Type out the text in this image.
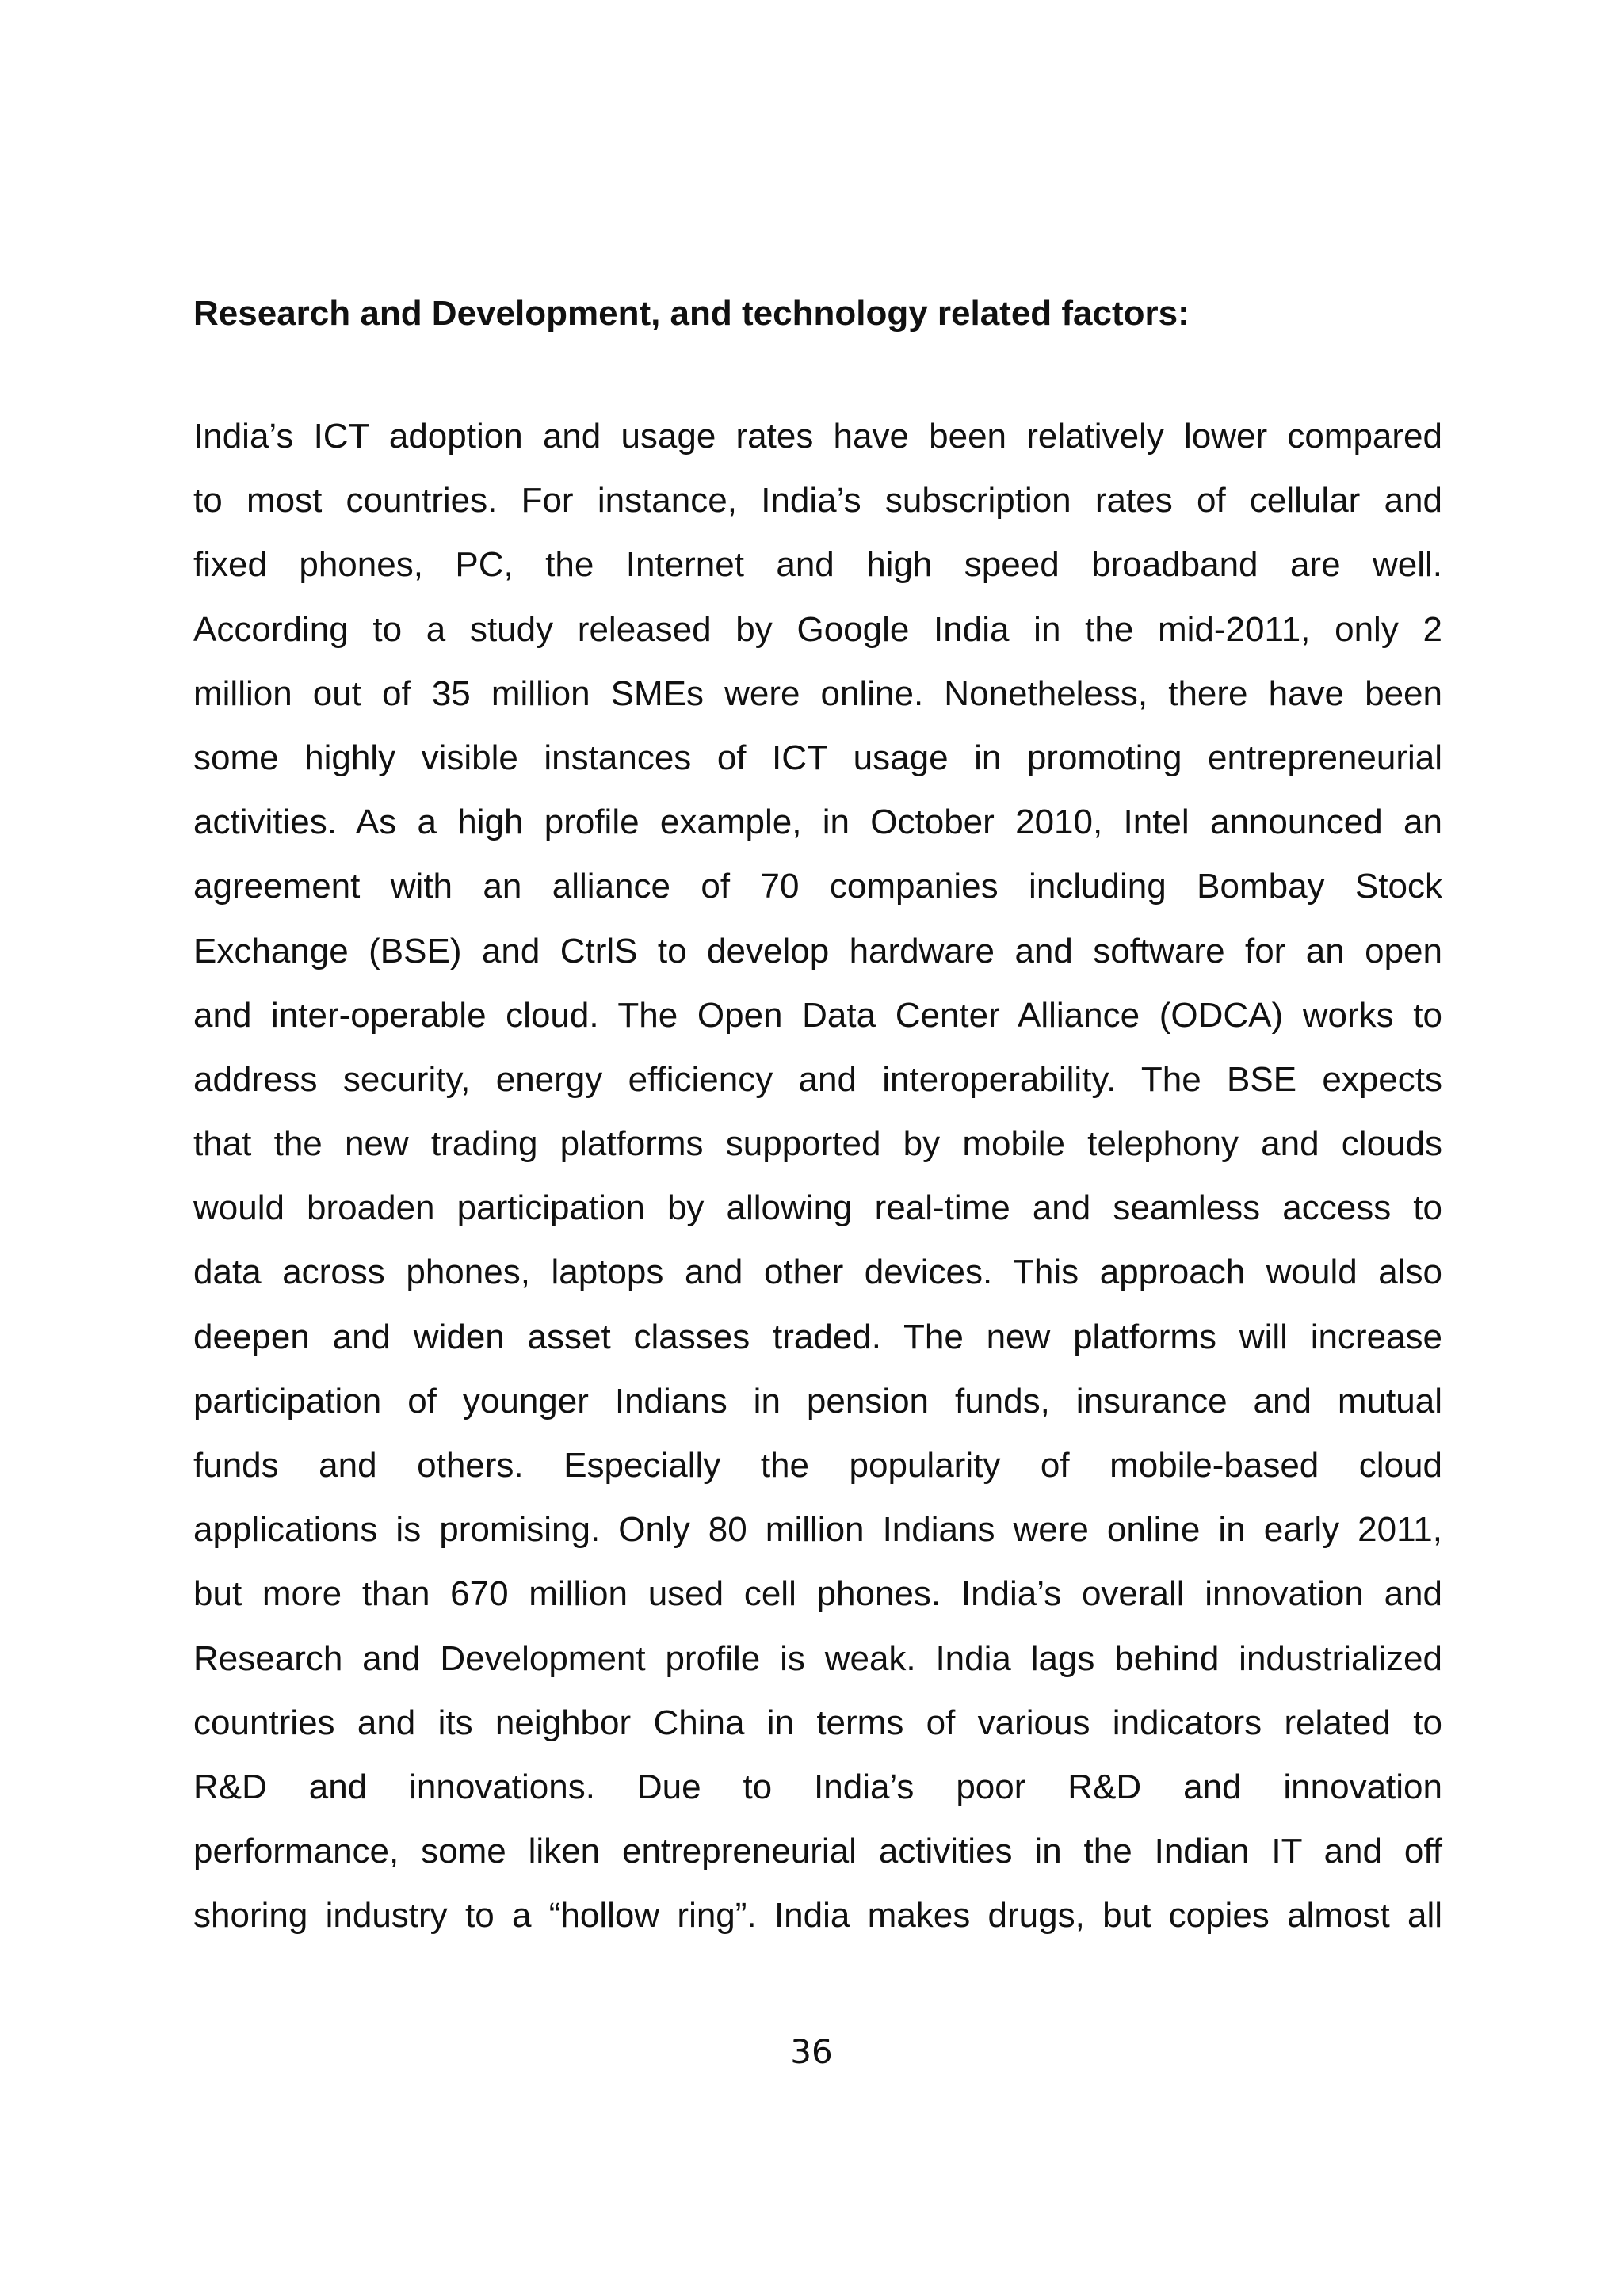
Research and Development, and technology related factors:
India’s ICT adoption and usage rates have been relatively lower compared
to most countries. For instance, India’s subscription rates of cellular and
fixed phones, PC, the Internet and high speed broadband are well.
According to a study released by Google India in the mid-2011, only 2
million out of 35 million SMEs were online. Nonetheless, there have been
some highly visible instances of ICT usage in promoting entrepreneurial
activities. As a high profile example, in October 2010, Intel announced an
agreement with an alliance of 70 companies including Bombay Stock
Exchange (BSE) and CtrlS to develop hardware and software for an open
and inter-operable cloud. The Open Data Center Alliance (ODCA) works to
address security, energy efficiency and interoperability. The BSE expects
that the new trading platforms supported by mobile telephony and clouds
would broaden participation by allowing real-time and seamless access to
data across phones, laptops and other devices. This approach would also
deepen and widen asset classes traded. The new platforms will increase
participation of younger Indians in pension funds, insurance and mutual
funds and others. Especially the popularity of mobile-based cloud
applications is promising. Only 80 million Indians were online in early 2011,
but more than 670 million used cell phones. India’s overall innovation and
Research and Development profile is weak. India lags behind industrialized
countries and its neighbor China in terms of various indicators related to
R&D and innovations. Due to India’s poor R&D and innovation
performance, some liken entrepreneurial activities in the Indian IT and off
shoring industry to a “hollow ring”. India makes drugs, but copies almost all
36
